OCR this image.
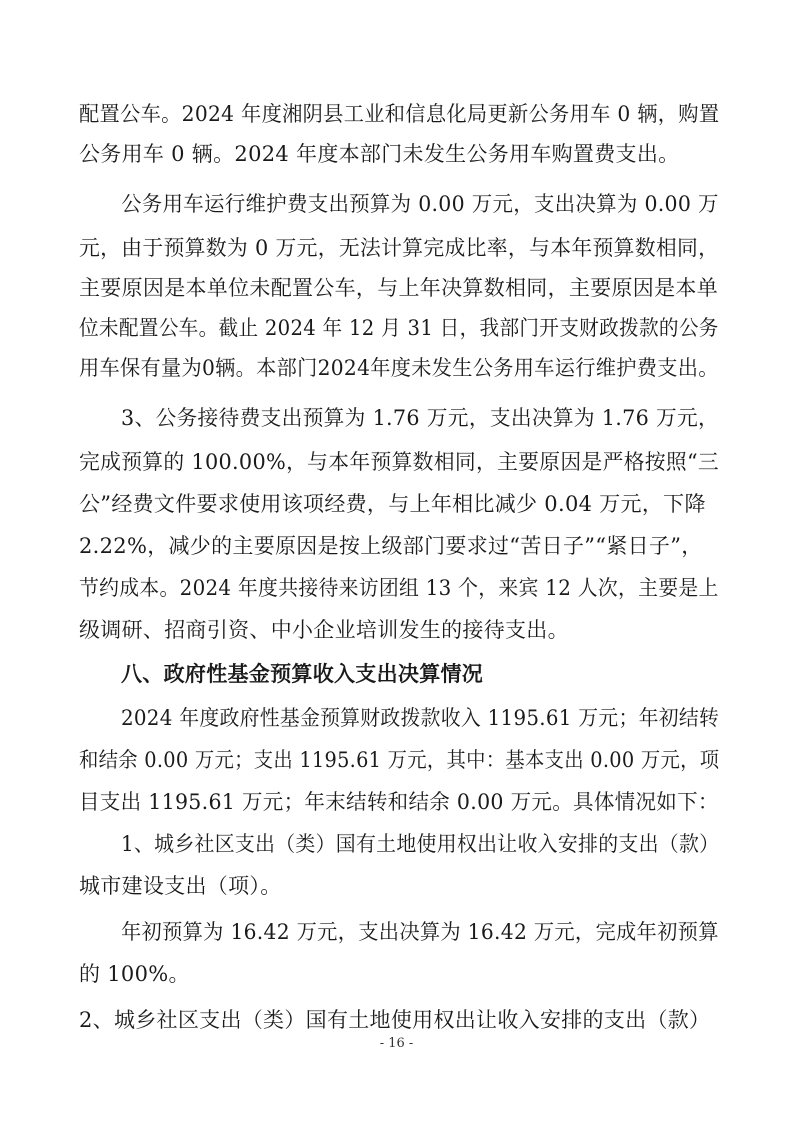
配置公车。2024 年度湘阴县工业和信息化局更新公务用车 0 辆，购置
公务用车 0 辆。2024 年度本部门未发生公务用车购置费支出。
公务用车运行维护费支出预算为 0.00 万元，支出决算为 0.00 万
元，由于预算数为 0 万元，无法计算完成比率，与本年预算数相同，
主要原因是本单位未配置公车，与上年决算数相同，主要原因是本单
位未配置公车。截止 2024 年 12 月 31 日，我部门开支财政拨款的公务
用车保有量为0辆。本部门2024年度未发生公务用车运行维护费支出。
3、公务接待费支出预算为 1.76 万元，支出决算为 1.76 万元，
完成预算的 100.00%，与本年预算数相同，主要原因是严格按照“三
公”经费文件要求使用该项经费，与上年相比减少 0.04 万元，下降
2.22%，减少的主要原因是按上级部门要求过“苦日子”“紧日子”，
节约成本。2024 年度共接待来访团组 13 个，来宾 12 人次，主要是上
级调研、招商引资、中小企业培训发生的接待支出。
八、政府性基金预算收入支出决算情况
2024 年度政府性基金预算财政拨款收入 1195.61 万元；年初结转
和结余 0.00 万元；支出 1195.61 万元，其中：基本支出 0.00 万元，项
目支出 1195.61 万元；年末结转和结余 0.00 万元。具体情况如下：
1、城乡社区支出（类）国有土地使用权出让收入安排的支出（款）
城市建设支出（项）。
年初预算为 16.42 万元，支出决算为 16.42 万元，完成年初预算
的 100%。
2、城乡社区支出（类）国有土地使用权出让收入安排的支出（款）
- 16 -
